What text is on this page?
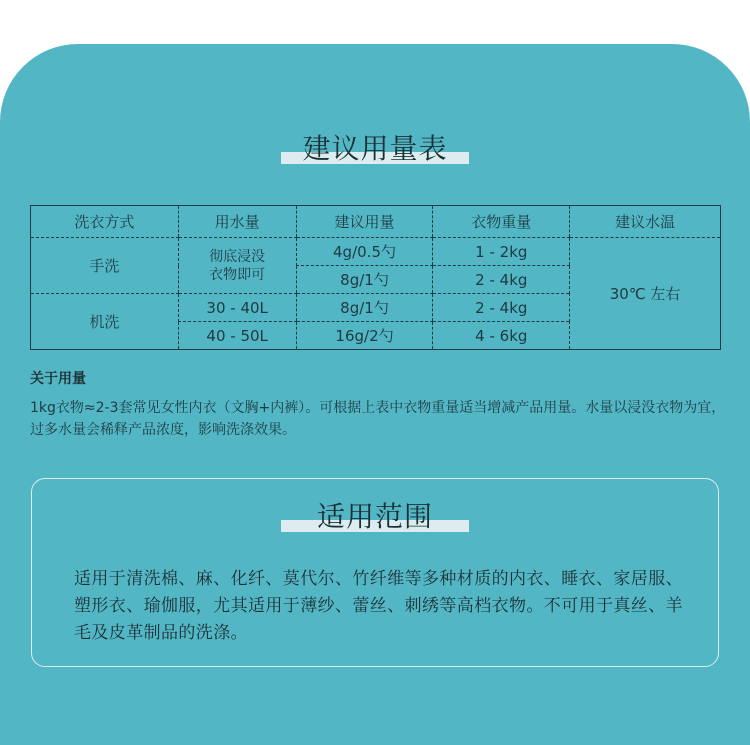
建议用量表
洗衣方式	用水量	建议用量	衣物重量	建议水温
手洗	彻底浸没衣物即可	4g/0.5勺	1 - 2kg	30℃ 左右
		8g/1勺	2 - 4kg	
机洗	30 - 40L	8g/1勺	2 - 4kg	
	40 - 50L	16g/2勺	4 - 6kg	
关于用量
1kg衣物≈2-3套常见女性内衣（文胸+内裤）。可根据上表中衣物重量适当增减产品用量。水量以浸没衣物为宜，过多水量会稀释产品浓度，影响洗涤效果。
适用范围
适用于清洗棉、麻、化纤、莫代尔、竹纤维等多种材质的内衣、睡衣、家居服、塑形衣、瑜伽服，尤其适用于薄纱、蕾丝、刺绣等高档衣物。不可用于真丝、羊毛及皮革制品的洗涤。
